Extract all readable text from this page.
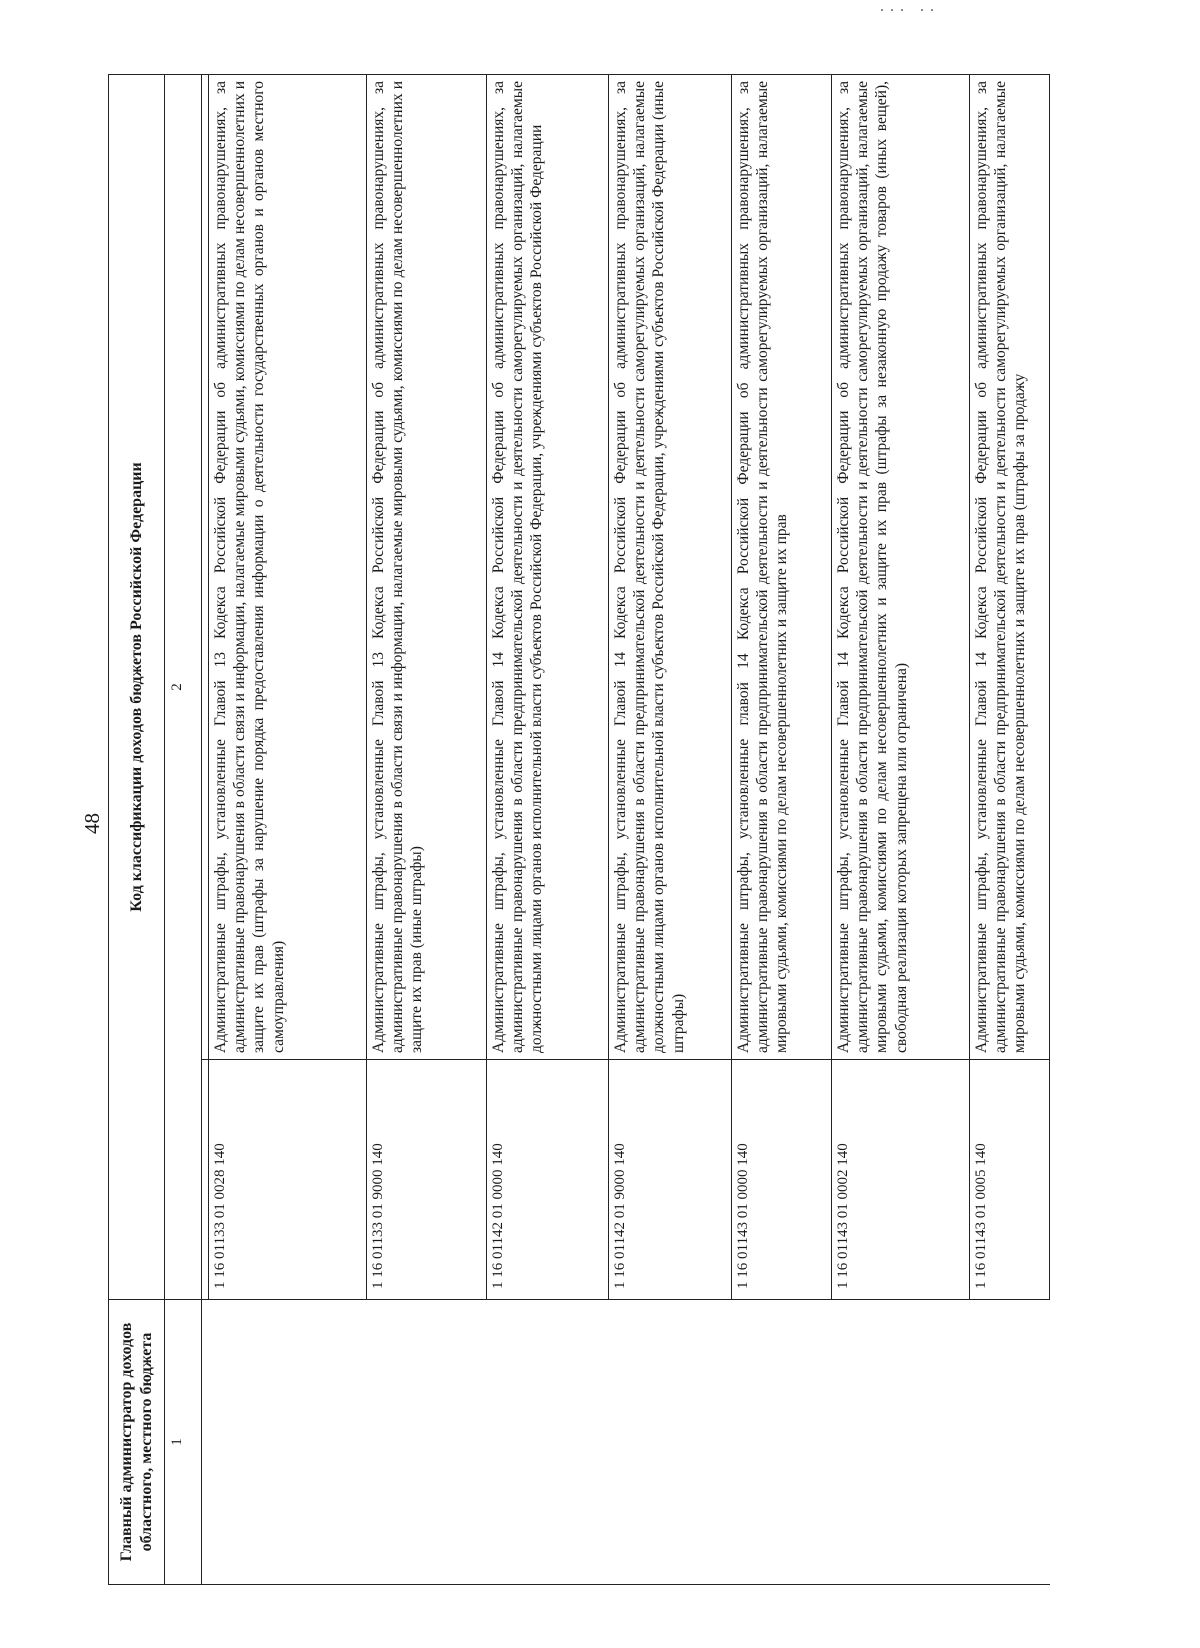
... ..
48
Главный администратор доходов областного, местного бюджета	Код классификации доходов бюджетов Российской Федерации	
1	2	

	1 16 01133 01 0028 140	Административные штрафы, установленные Главой 13 Кодекса Российской Федерации об административных правонарушениях, за административные правонарушения в области связи и информации, налагаемые мировыми судьями, комиссиями по делам несовершеннолетних и защите их прав (штрафы за нарушение порядка предоставления информации о деятельности государственных органов и органов местного самоуправления)
	1 16 01133 01 9000 140	Административные штрафы, установленные Главой 13 Кодекса Российской Федерации об административных правонарушениях, за административные правонарушения в области связи и информации, налагаемые мировыми судьями, комиссиями по делам несовершеннолетних и защите их прав (иные штрафы)
	1 16 01142 01 0000 140	Административные штрафы, установленные Главой 14 Кодекса Российской Федерации об административных правонарушениях, за административные правонарушения в области предпринимательской деятельности и деятельности саморегулируемых организаций, налагаемые должностными лицами органов исполнительной власти субъектов Российской Федерации, учреждениями субъектов Российской Федерации
	1 16 01142 01 9000 140	Административные штрафы, установленные Главой 14 Кодекса Российской Федерации об административных правонарушениях, за административные правонарушения в области предпринимательской деятельности и деятельности саморегулируемых организаций, налагаемые должностными лицами органов исполнительной власти субъектов Российской Федерации, учреждениями субъектов Российской Федерации (иные штрафы)
	1 16 01143 01 0000 140	Административные штрафы, установленные главой 14 Кодекса Российской Федерации об административных правонарушениях, за административные правонарушения в области предпринимательской деятельности и деятельности саморегулируемых организаций, налагаемые мировыми судьями, комиссиями по делам несовершеннолетних и защите их прав
	1 16 01143 01 0002 140	Административные штрафы, установленные Главой 14 Кодекса Российской Федерации об административных правонарушениях, за административные правонарушения в области предпринимательской деятельности и деятельности саморегулируемых организаций, налагаемые мировыми судьями, комиссиями по делам несовершеннолетних и защите их прав (штрафы за незаконную продажу товаров (иных вещей), свободная реализация которых запрещена или ограничена)
	1 16 01143 01 0005 140	Административные штрафы, установленные Главой 14 Кодекса Российской Федерации об административных правонарушениях, за административные правонарушения в области предпринимательской деятельности и деятельности саморегулируемых организаций, налагаемые мировыми судьями, комиссиями по делам несовершеннолетних и защите их прав (штрафы за продажу
